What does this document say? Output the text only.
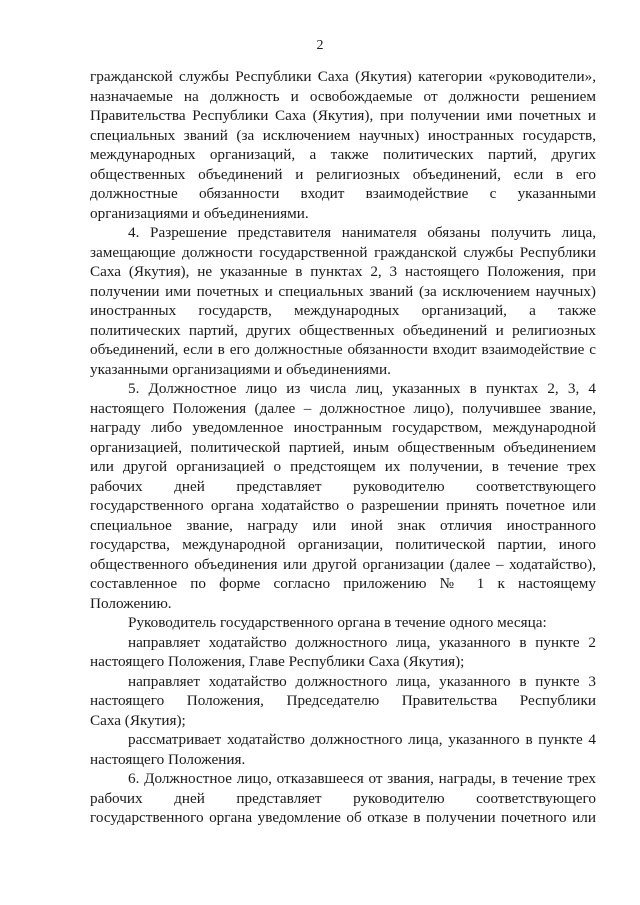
2
гражданской службы Республики Саха (Якутия) категории «руководители»,
назначаемые на должность и освобождаемые от должности решением
Правительства Республики Саха (Якутия), при получении ими почетных и
специальных званий (за исключением научных) иностранных государств,
международных организаций, а также политических партий, других
общественных объединений и религиозных объединений, если в его
должностные обязанности входит взаимодействие с указанными
организациями и объединениями.
4. Разрешение представителя нанимателя обязаны получить лица,
замещающие должности государственной гражданской службы Республики
Саха (Якутия), не указанные в пунктах 2, 3 настоящего Положения, при
получении ими почетных и специальных званий (за исключением научных)
иностранных государств, международных организаций, а также
политических партий, других общественных объединений и религиозных
объединений, если в его должностные обязанности входит взаимодействие с
указанными организациями и объединениями.
5. Должностное лицо из числа лиц, указанных в пунктах 2, 3, 4
настоящего Положения (далее – должностное лицо), получившее звание,
награду либо уведомленное иностранным государством, международной
организацией, политической партией, иным общественным объединением
или другой организацией о предстоящем их получении, в течение трех
рабочих дней представляет руководителю соответствующего
государственного органа ходатайство о разрешении принять почетное или
специальное звание, награду или иной знак отличия иностранного
государства, международной организации, политической партии, иного
общественного объединения или другой организации (далее – ходатайство),
составленное по форме согласно приложению № 1 к настоящему
Положению.
Руководитель государственного органа в течение одного месяца:
направляет ходатайство должностного лица, указанного в пункте 2
настоящего Положения, Главе Республики Саха (Якутия);
направляет ходатайство должностного лица, указанного в пункте 3
настоящего Положения, Председателю Правительства Республики
Саха (Якутия);
рассматривает ходатайство должностного лица, указанного в пункте 4
настоящего Положения.
6. Должностное лицо, отказавшееся от звания, награды, в течение трех
рабочих дней представляет руководителю соответствующего
государственного органа уведомление об отказе в получении почетного или
